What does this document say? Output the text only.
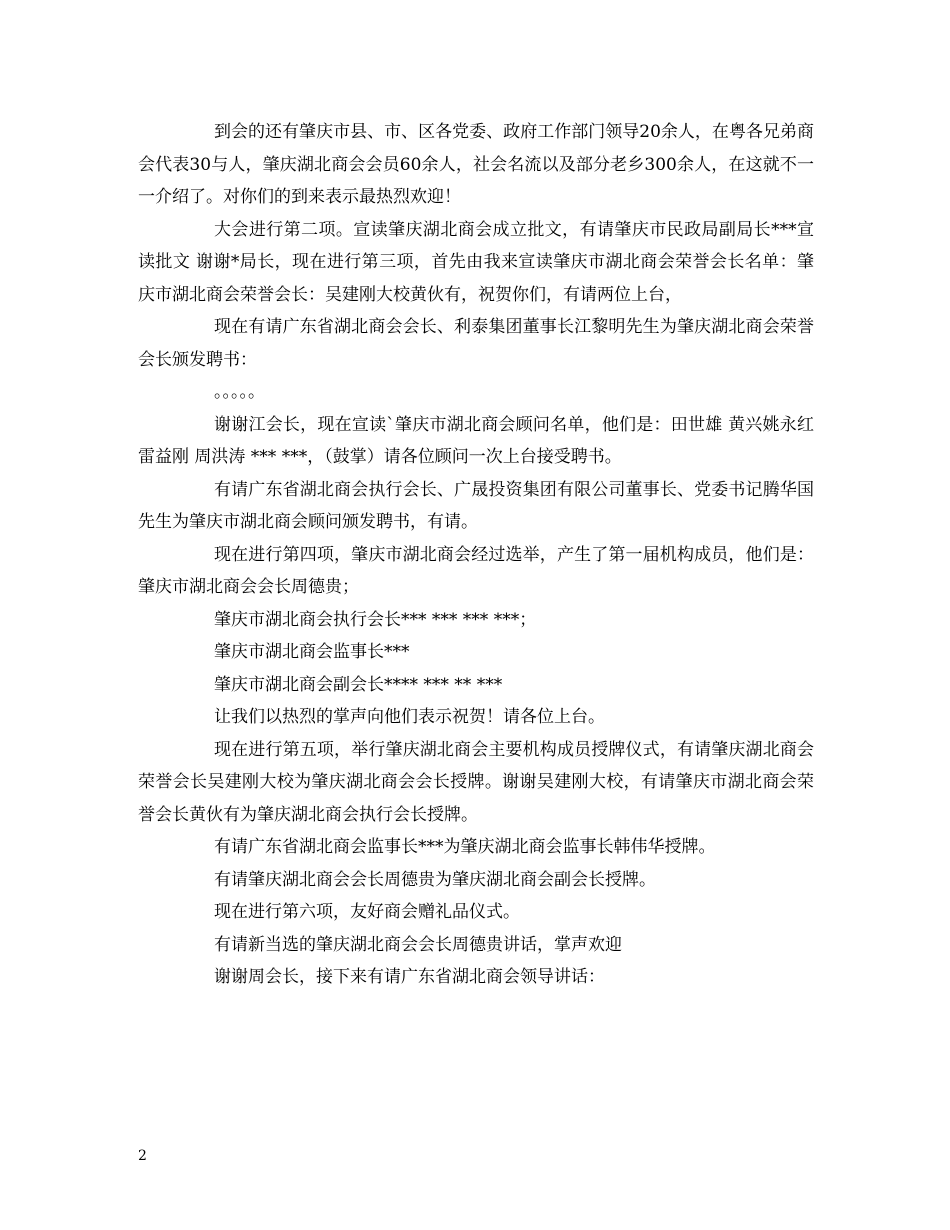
到会的还有肇庆市县、市、区各党委、政府工作部门领导20余人，在粤各兄弟商会代表30与人，肇庆湖北商会会员60余人，社会名流以及部分老乡300余人，在这就不一一介绍了。对你们的到来表示最热烈欢迎！

大会进行第二项。宣读肇庆湖北商会成立批文，有请肇庆市民政局副局长***宣读批文 谢谢*局长，现在进行第三项，首先由我来宣读肇庆市湖北商会荣誉会长名单：肇庆市湖北商会荣誉会长：吴建刚大校黄伙有，祝贺你们，有请两位上台，

现在有请广东省湖北商会会长、利泰集团董事长江黎明先生为肇庆湖北商会荣誉会长颁发聘书：

。。。。。

谢谢江会长，现在宣读`肇庆市湖北商会顾问名单，他们是：田世雄 黄兴姚永红 雷益刚 周洪涛 *** ***，（鼓掌）请各位顾问一次上台接受聘书。

有请广东省湖北商会执行会长、广晟投资集团有限公司董事长、党委书记腾华国先生为肇庆市湖北商会顾问颁发聘书，有请。

现在进行第四项，肇庆市湖北商会经过选举，产生了第一届机构成员，他们是： 肇庆市湖北商会会长周德贵；

肇庆市湖北商会执行会长*** *** *** ***；

肇庆市湖北商会监事长***

肇庆市湖北商会副会长**** *** ** ***

让我们以热烈的掌声向他们表示祝贺！请各位上台。

现在进行第五项，举行肇庆湖北商会主要机构成员授牌仪式，有请肇庆湖北商会荣誉会长吴建刚大校为肇庆湖北商会会长授牌。谢谢吴建刚大校，有请肇庆市湖北商会荣誉会长黄伙有为肇庆湖北商会执行会长授牌。

有请广东省湖北商会监事长***为肇庆湖北商会监事长韩伟华授牌。

有请肇庆湖北商会会长周德贵为肇庆湖北商会副会长授牌。

现在进行第六项，友好商会赠礼品仪式。

有请新当选的肇庆湖北商会会长周德贵讲话，掌声欢迎

谢谢周会长，接下来有请广东省湖北商会领导讲话：

2
